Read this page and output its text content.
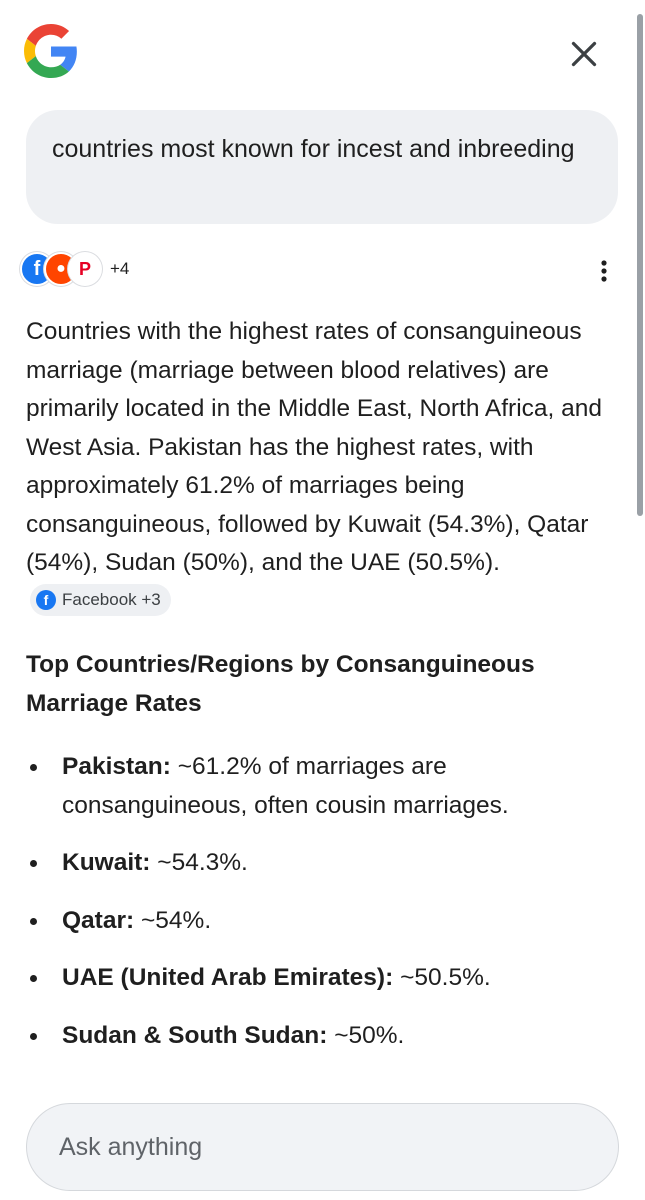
countries most known for incest and inbreeding
f ● P	+4
Countries with the highest rates of consanguineous marriage (marriage between blood relatives) are primarily located in the Middle East, North Africa, and West Asia. Pakistan has the highest rates, with approximately 61.2% of marriages being consanguineous, followed by Kuwait (54.3%), Qatar (54%), Sudan (50%), and the UAE (50.5%).
f Facebook +3
Top Countries/Regions by Consanguineous Marriage Rates
Pakistan: ~61.2% of marriages are consanguineous, often cousin marriages.
Kuwait: ~54.3%.
Qatar: ~54%.
UAE (United Arab Emirates): ~50.5%.
Sudan & South Sudan: ~50%.
Ask anything
